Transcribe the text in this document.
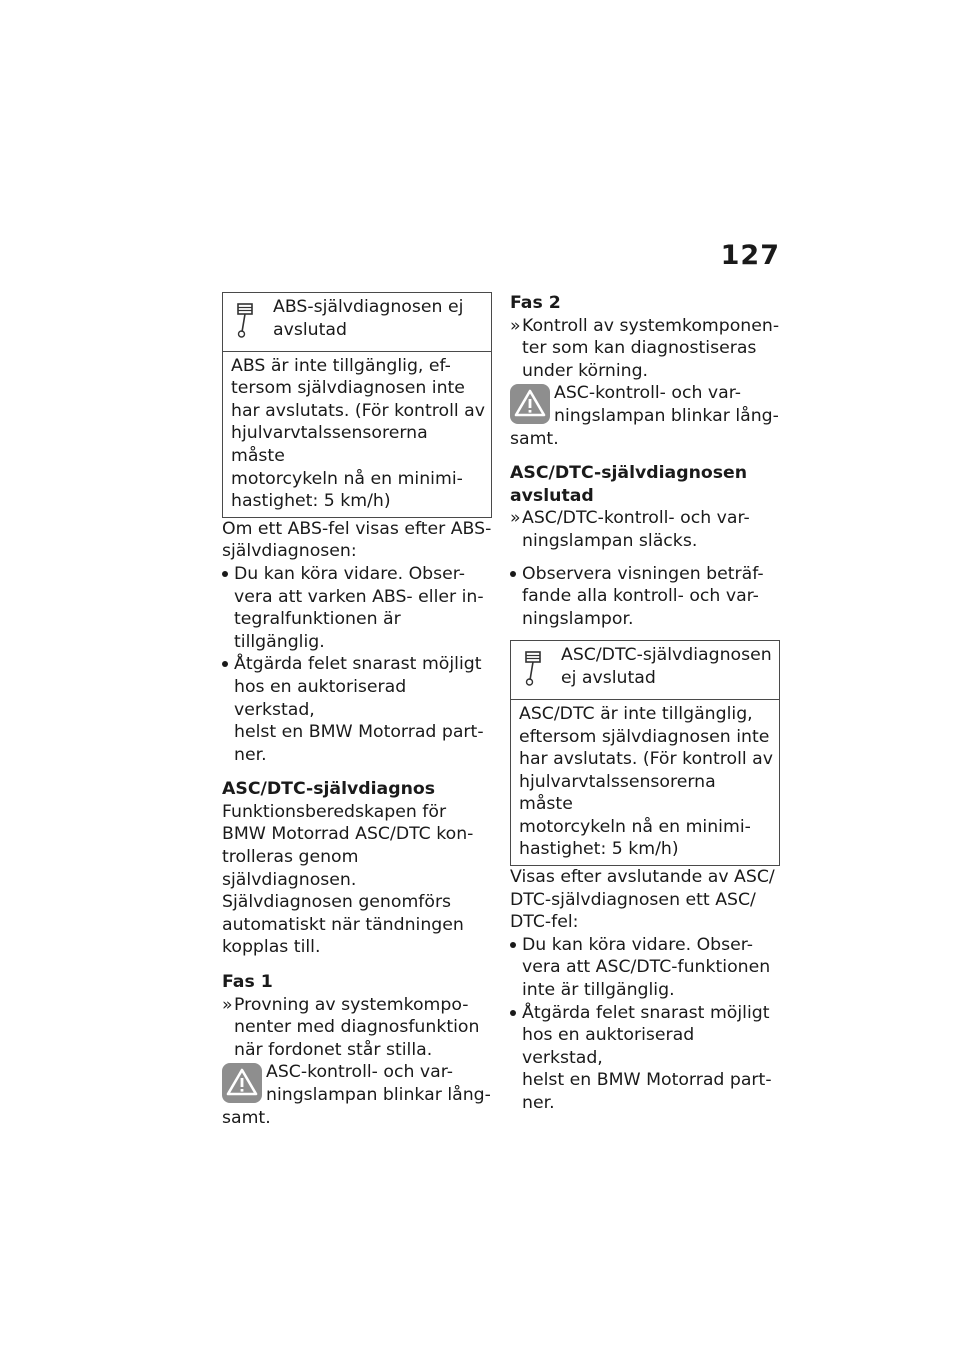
127
ABS-självdiagnosen ej
avslutad
ABS är inte tillgänglig, ef-
tersom självdiagnosen inte
har avslutats. (För kontroll av
hjulvarvtalssensorerna måste
motorcykeln nå en minimi-
hastighet: 5 km/h)
Om ett ABS-fel visas efter ABS-
självdiagnosen:
Du kan köra vidare. Obser-
vera att varken ABS- eller in-
tegralfunktionen är tillgänglig.
Åtgärda felet snarast möjligt
hos en auktoriserad verkstad,
helst en BMW Motorrad part-
ner.
ASC/DTC-självdiagnos
Funktionsberedskapen för
BMW Motorrad ASC/DTC kon-
trolleras genom självdiagnosen.
Självdiagnosen genomförs
automatiskt när tändningen
kopplas till.
Fas 1
» Provning av systemkompo-
nenter med diagnosfunktion
när fordonet står stilla.
ASC-kontroll- och var-
ningslampan blinkar lång-
samt.
Fas 2
» Kontroll av systemkomponen-
ter som kan diagnostiseras
under körning.
ASC-kontroll- och var-
ningslampan blinkar lång-
samt.
ASC/DTC-självdiagnosen
avslutad
» ASC/DTC-kontroll- och var-
ningslampan släcks.
Observera visningen beträf-
fande alla kontroll- och var-
ningslampor.
ASC/DTC-självdiagnosen
ej avslutad
ASC/DTC är inte tillgänglig,
eftersom självdiagnosen inte
har avslutats. (För kontroll av
hjulvarvtalssensorerna måste
motorcykeln nå en minimi-
hastighet: 5 km/h)
Visas efter avslutande av ASC/
DTC-självdiagnosen ett ASC/
DTC-fel:
Du kan köra vidare. Obser-
vera att ASC/DTC-funktionen
inte är tillgänglig.
Åtgärda felet snarast möjligt
hos en auktoriserad verkstad,
helst en BMW Motorrad part-
ner.
